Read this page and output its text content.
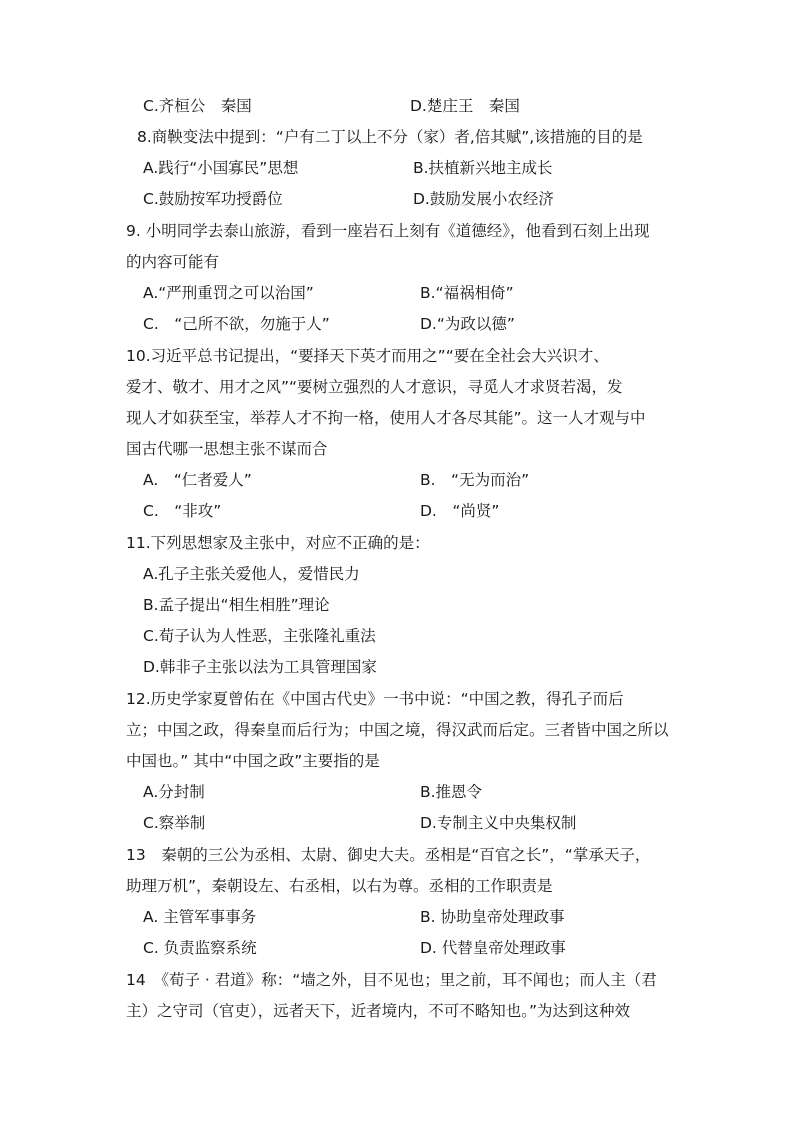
C.齐桓公　秦国	D.楚庄王　秦国
8.商鞅变法中提到：“户有二丁以上不分（家）者,倍其赋”,该措施的目的是
A.践行“小国寡民”思想	B.扶植新兴地主成长
C.鼓励按军功授爵位	D.鼓励发展小农经济
9. 小明同学去泰山旅游，看到一座岩石上刻有《道德经》，他看到石刻上出现
的内容可能有
A.“严刑重罚之可以治国”	B.“福祸相倚”
C.　“己所不欲，勿施于人”	D.“为政以德”
10.习近平总书记提出，“要择天下英才而用之”“要在全社会大兴识才、
爱才、敬才、用才之风”“要树立强烈的人才意识，寻觅人才求贤若渴，发
现人才如获至宝，举荐人才不拘一格，使用人才各尽其能”。这一人才观与中
国古代哪一思想主张不谋而合
A.　“仁者爱人”	B.　“无为而治”
C.　“非攻”	D.　“尚贤”
11.下列思想家及主张中，对应不正确的是：
A.孔子主张关爱他人，爱惜民力
B.孟子提出“相生相胜”理论
C.荀子认为人性恶，主张隆礼重法
D.韩非子主张以法为工具管理国家
12.历史学家夏曾佑在《中国古代史》一书中说：“中国之教，得孔子而后
立；中国之政，得秦皇而后行为；中国之境，得汉武而后定。三者皆中国之所以
中国也。” 其中“中国之政”主要指的是
A.分封制	B.推恩令
C.察举制	D.专制主义中央集权制
13　秦朝的三公为丞相、太尉、御史大夫。丞相是“百官之长”，“掌承天子，
助理万机”，秦朝设左、右丞相，以右为尊。丞相的工作职责是
A. 主管军事事务	B. 协助皇帝处理政事
C. 负责监察系统	D. 代替皇帝处理政事
14　《荀子 · 君道》称：“墙之外，目不见也；里之前，耳不闻也；而人主（君
主）之守司（官吏），远者天下，近者境内，不可不略知也。”为达到这种效
